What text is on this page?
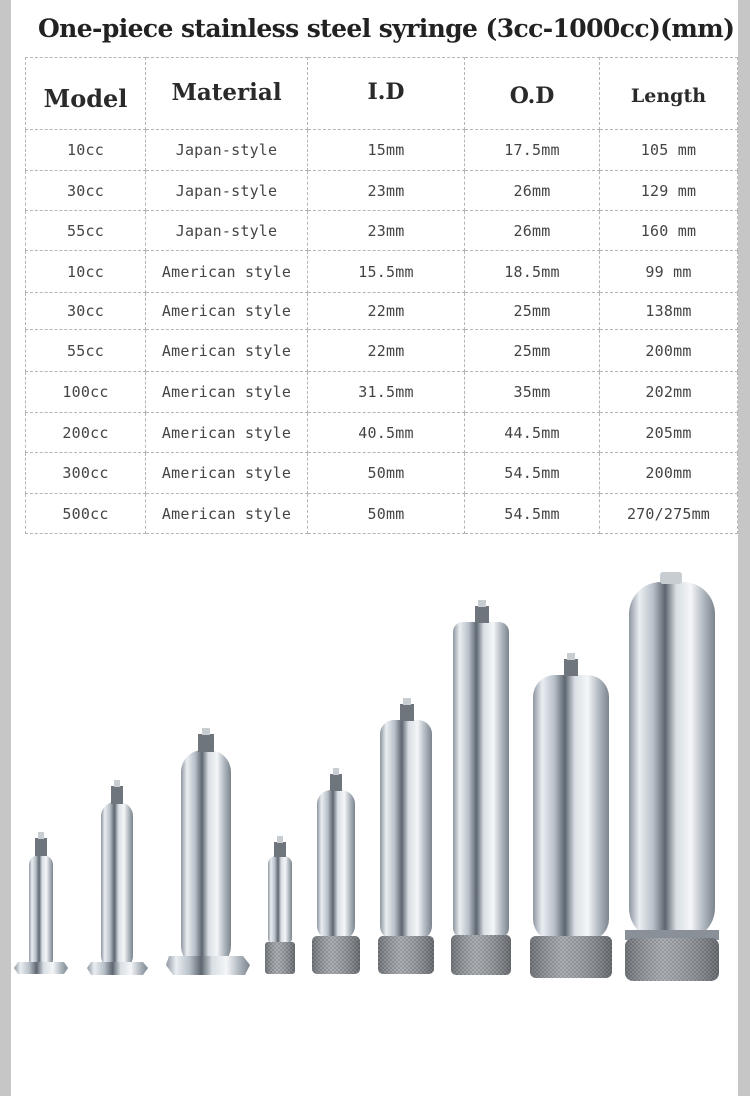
One-piece stainless steel syringe (3cc-1000cc)(mm)
Model	Material	I.D	O.D	Length
10cc	Japan-style	15mm	17.5mm	105 mm
30cc	Japan-style	23mm	26mm	129 mm
55cc	Japan-style	23mm	26mm	160 mm
10cc	American style	15.5mm	18.5mm	99 mm
30cc	American style	22mm	25mm	138mm
55cc	American style	22mm	25mm	200mm
100cc	American style	31.5mm	35mm	202mm
200cc	American style	40.5mm	44.5mm	205mm
300cc	American style	50mm	54.5mm	200mm
500cc	American style	50mm	54.5mm	270/275mm
